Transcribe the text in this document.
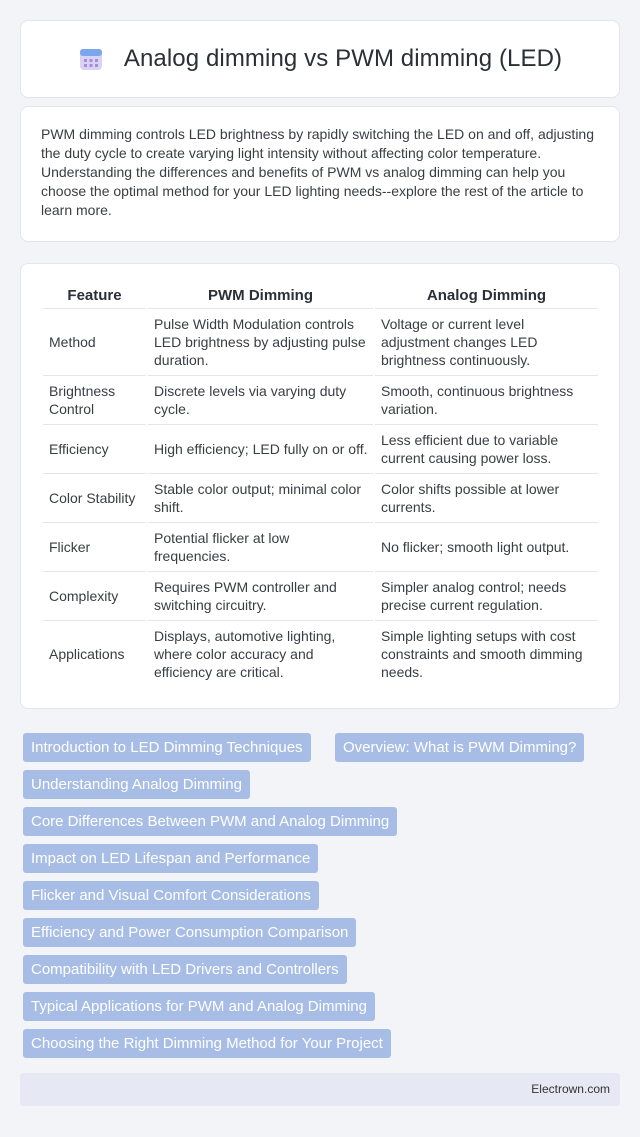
Analog dimming vs PWM dimming (LED)

PWM dimming controls LED brightness by rapidly switching the LED on and off, adjusting the duty cycle to create varying light intensity without affecting color temperature. Understanding the differences and benefits of PWM vs analog dimming can help you choose the optimal method for your LED lighting needs--explore the rest of the article to learn more.

Feature	PWM Dimming	Analog Dimming
Method	Pulse Width Modulation controls LED brightness by adjusting pulse duration.	Voltage or current level adjustment changes LED brightness continuously.
Brightness Control	Discrete levels via varying duty cycle.	Smooth, continuous brightness variation.
Efficiency	High efficiency; LED fully on or off.	Less efficient due to variable current causing power loss.
Color Stability	Stable color output; minimal color shift.	Color shifts possible at lower currents.
Flicker	Potential flicker at low frequencies.	No flicker; smooth light output.
Complexity	Requires PWM controller and switching circuitry.	Simpler analog control; needs precise current regulation.
Applications	Displays, automotive lighting, where color accuracy and efficiency are critical.	Simple lighting setups with cost constraints and smooth dimming needs.
Introduction to LED Dimming Techniques	Overview: What is PWM Dimming?
Understanding Analog Dimming
Core Differences Between PWM and Analog Dimming
Impact on LED Lifespan and Performance
Flicker and Visual Comfort Considerations
Efficiency and Power Consumption Comparison
Compatibility with LED Drivers and Controllers
Typical Applications for PWM and Analog Dimming
Choosing the Right Dimming Method for Your Project
Electrown.com
